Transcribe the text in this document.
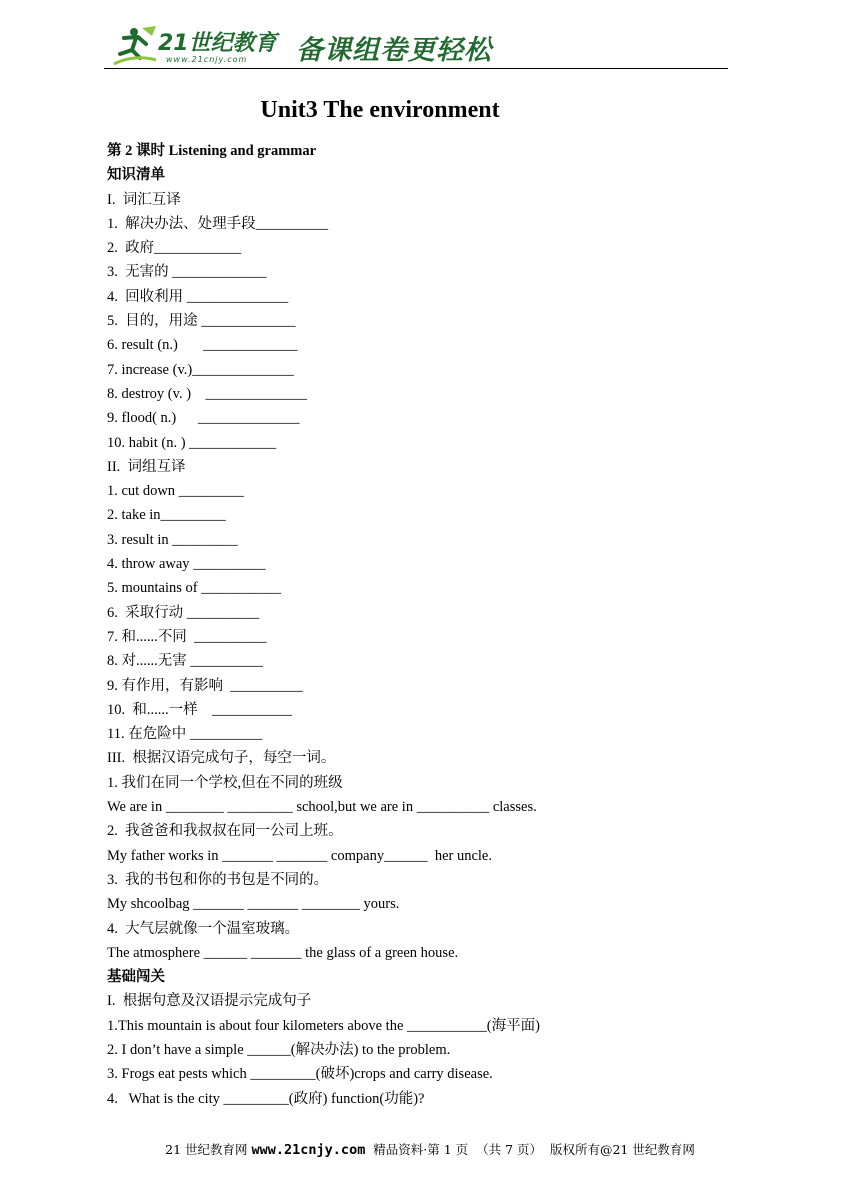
21世纪教育
www.21cnjy.com 备课组卷更轻松
Unit3 The environment
第 2 课时 Listening and grammar
知识清单
I.  词汇互译
1.  解决办法、处理手段__________
2.  政府____________
3.  无害的 _____________
4.  回收利用 ______________
5.  目的，用途 _____________
6. result (n.)       _____________
7. increase (v.)______________
8. destroy (v. )    ______________
9. flood( n.)      ______________
10. habit (n. ) ____________
II.  词组互译
1. cut down _________
2. take in_________
3. result in _________
4. throw away __________
5. mountains of ___________
6.  采取行动 __________
7. 和......不同  __________
8. 对......无害 __________
9. 有作用，有影响  __________
10.  和......一样    ___________
11. 在危险中 __________
III.  根据汉语完成句子，每空一词。
1. 我们在同一个学校,但在不同的班级
We are in ________ _________ school,but we are in __________ classes.
2.  我爸爸和我叔叔在同一公司上班。
My father works in _______ _______ company______  her uncle.
3.  我的书包和你的书包是不同的。
My shcoolbag _______ _______ ________ yours.
4.  大气层就像一个温室玻璃。
The atmosphere ______ _______ the glass of a green house.
基础闯关
I.  根据句意及汉语提示完成句子
1.This mountain is about four kilometers above the ___________(海平面)
2. I don’t have a simple ______(解决办法) to the problem.
3. Frogs eat pests which _________(破坏)crops and carry disease.
4.   What is the city _________(政府) function(功能)?
21 世纪教育网 www.21cnjy.com  精品资料·第 1 页  （共 7 页）  版权所有@21 世纪教育网
